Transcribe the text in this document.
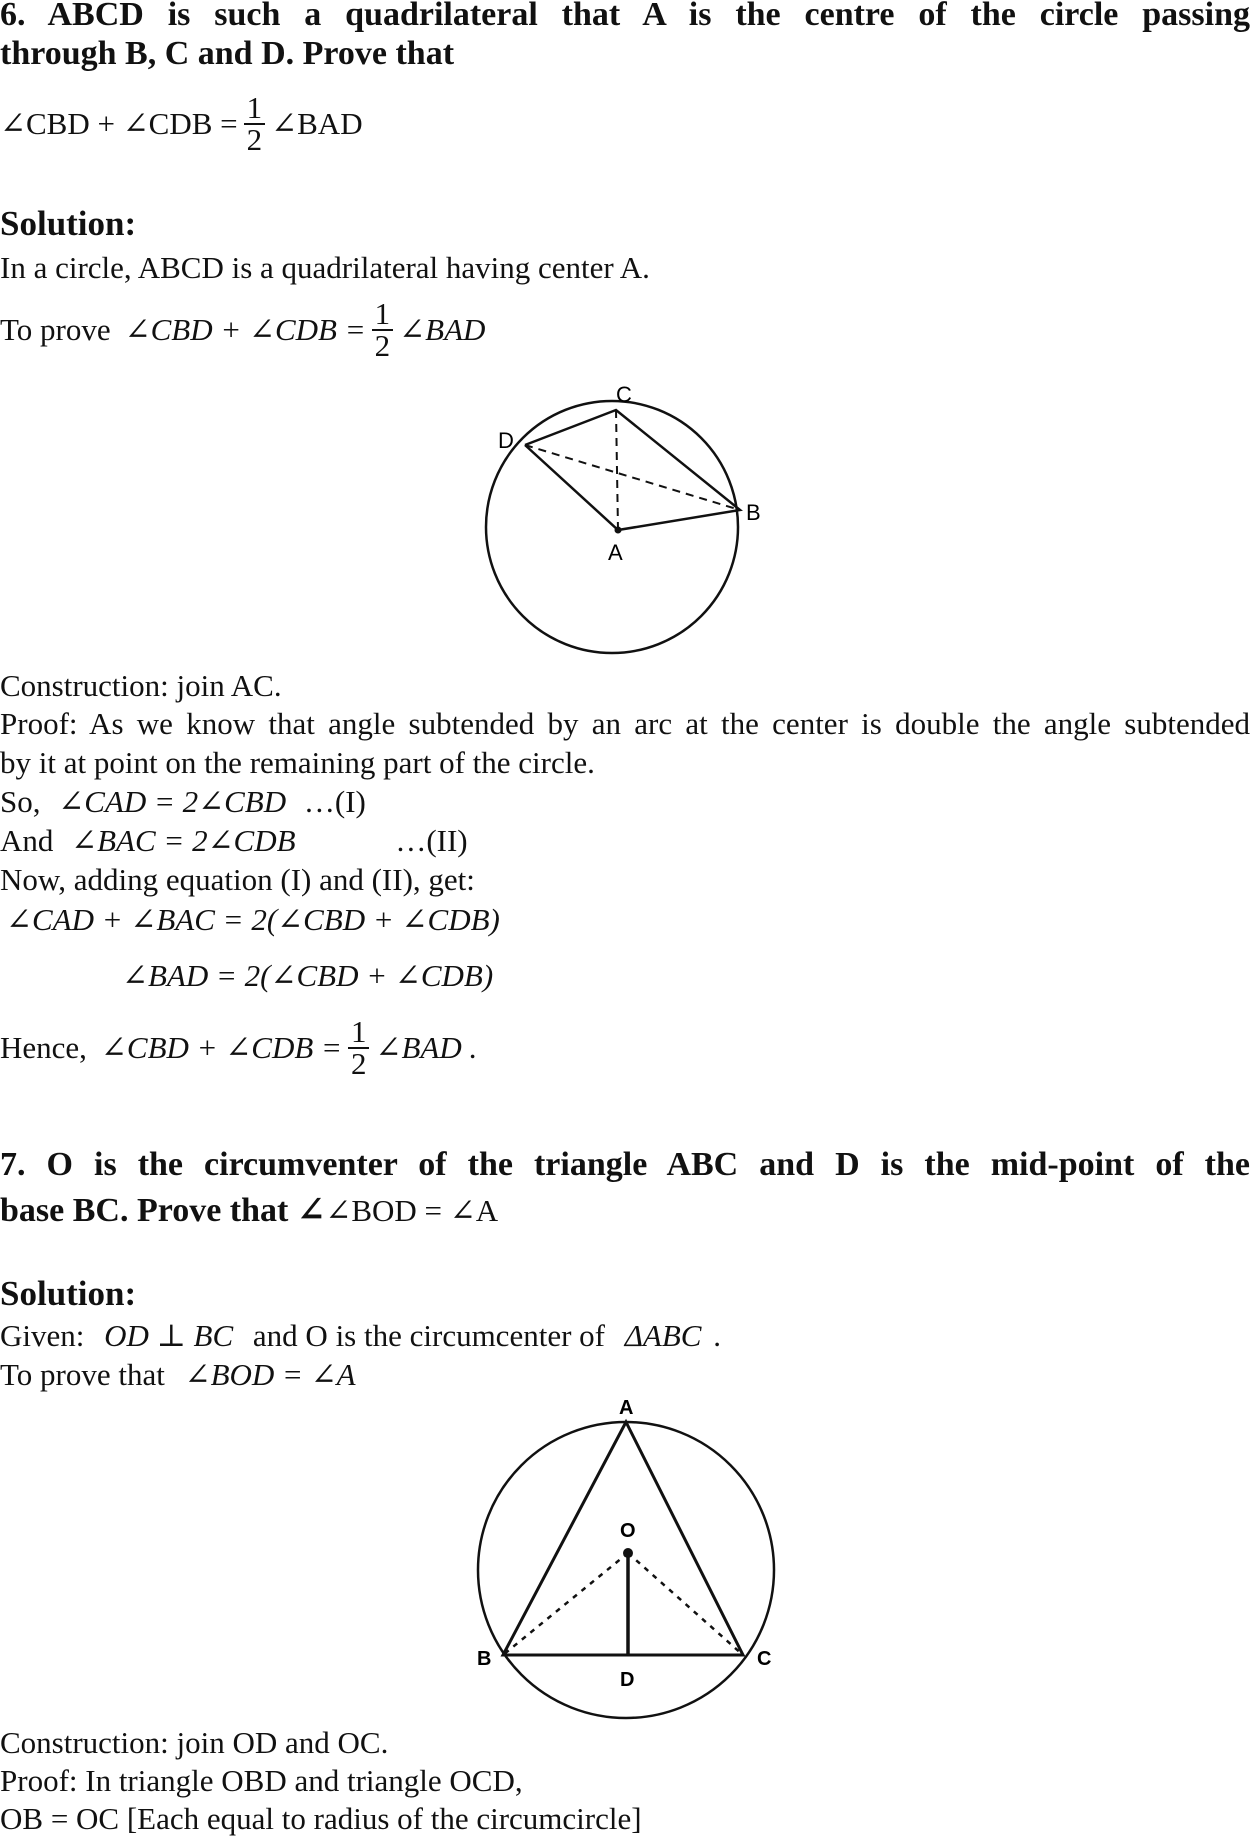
6. ABCD is such a quadrilateral that A is the centre of the circle passing
through B, C and D. Prove that
∠CBD + ∠CDB = $\frac{1}{2}$ ∠BAD
Solution:
In a circle, ABCD is a quadrilateral having center A.
To prove ∠CBD + ∠CDB = $\frac{1}{2}$ ∠BAD
A
B
C
D
Construction: join AC.
Proof: As we know that angle subtended by an arc at the center is double the angle subtended
by it at point on the remaining part of the circle.
So, ∠CAD = 2∠CBD …(I)
And ∠BAC = 2∠CDB	…(II)
Now, adding equation (I) and (II), get:
∠CAD + ∠BAC = 2(∠CBD + ∠CDB)
∠BAD = 2(∠CBD + ∠CDB)
Hence, ∠CBD + ∠CDB = $\frac{1}{2}$ ∠BAD .
7. O is the circumventer of the triangle ABC and D is the mid-point of the
base BC. Prove that ∠∠BOD = ∠A
Solution:
Given: OD ⊥ BC and O is the circumcenter of ΔABC .
To prove that ∠BOD = ∠A
A
B	C
D
O
Construction: join OD and OC.
Proof: In triangle OBD and triangle OCD,
OB = OC [Each equal to radius of the circumcircle]
